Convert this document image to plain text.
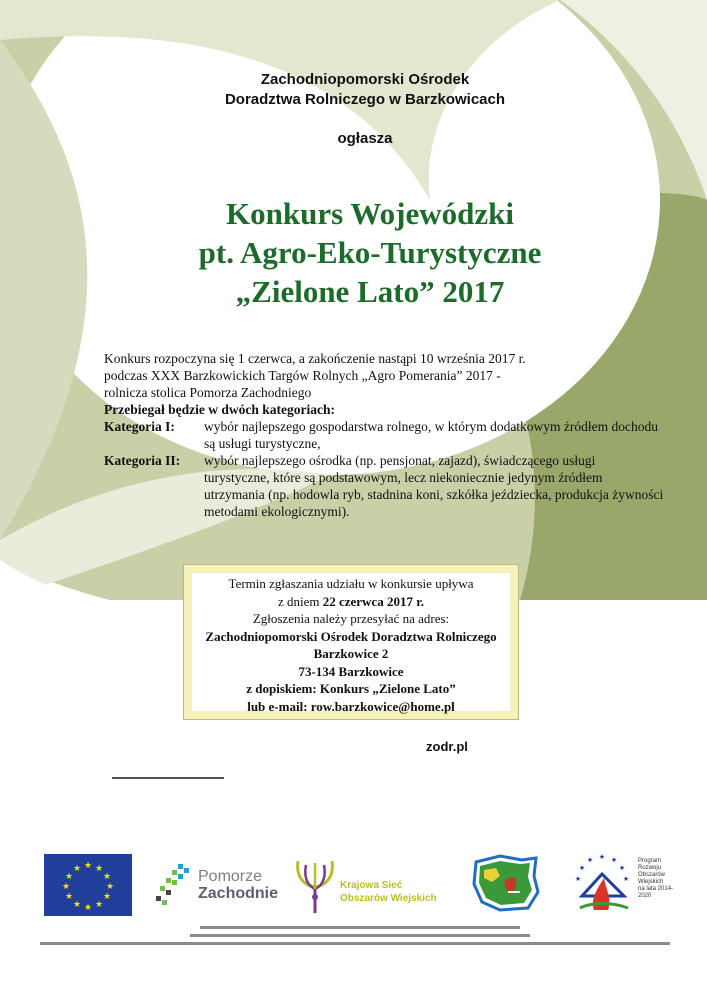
Zachodniopomorski Ośrodek
Doradztwa Rolniczego w Barzkowicach
ogłasza
Konkurs Wojewódzki
pt. Agro-Eko-Turystyczne
„Zielone Lato” 2017
Konkurs rozpoczyna się 1 czerwca, a zakończenie nastąpi 10 września 2017 r.
podczas XXX Barzkowickich Targów Rolnych „Agro Pomerania” 2017 -
rolnicza stolica Pomorza Zachodniego
Przebiegał będzie w dwóch kategoriach:
Kategoria I:	wybór najlepszego gospodarstwa rolnego, w którym dodatkowym źródłem dochodu są usługi turystyczne,
Kategoria II:	wybór najlepszego ośrodka (np. pensjonat, zajazd), świadczącego usługi turystyczne, które są podstawowym, lecz niekoniecznie jedynym źródłem utrzymania (np. hodowla ryb, stadnina koni, szkółka jeździecka, produkcja żywności metodami ekologicznymi).
Termin zgłaszania udziału w konkursie upływa
z dniem 22 czerwca 2017 r.
Zgłoszenia należy przesyłać na adres:
Zachodniopomorski Ośrodek Doradztwa Rolniczego
Barzkowice 2
73-134 Barzkowice
z dopiskiem: Konkurs „Zielone Lato”
lub e-mail: row.barzkowice@home.pl
zodr.pl
★ ★
★
★
★
★
★
★
★
★
★
★	Pomorze
Zachodnie	Krajowa Sieć
Obszarów Wiejskich
★ ★
★
★
★
★	★
Program
Rozwoju
Obszarów
Wiejskich
na lata 2014-2020
